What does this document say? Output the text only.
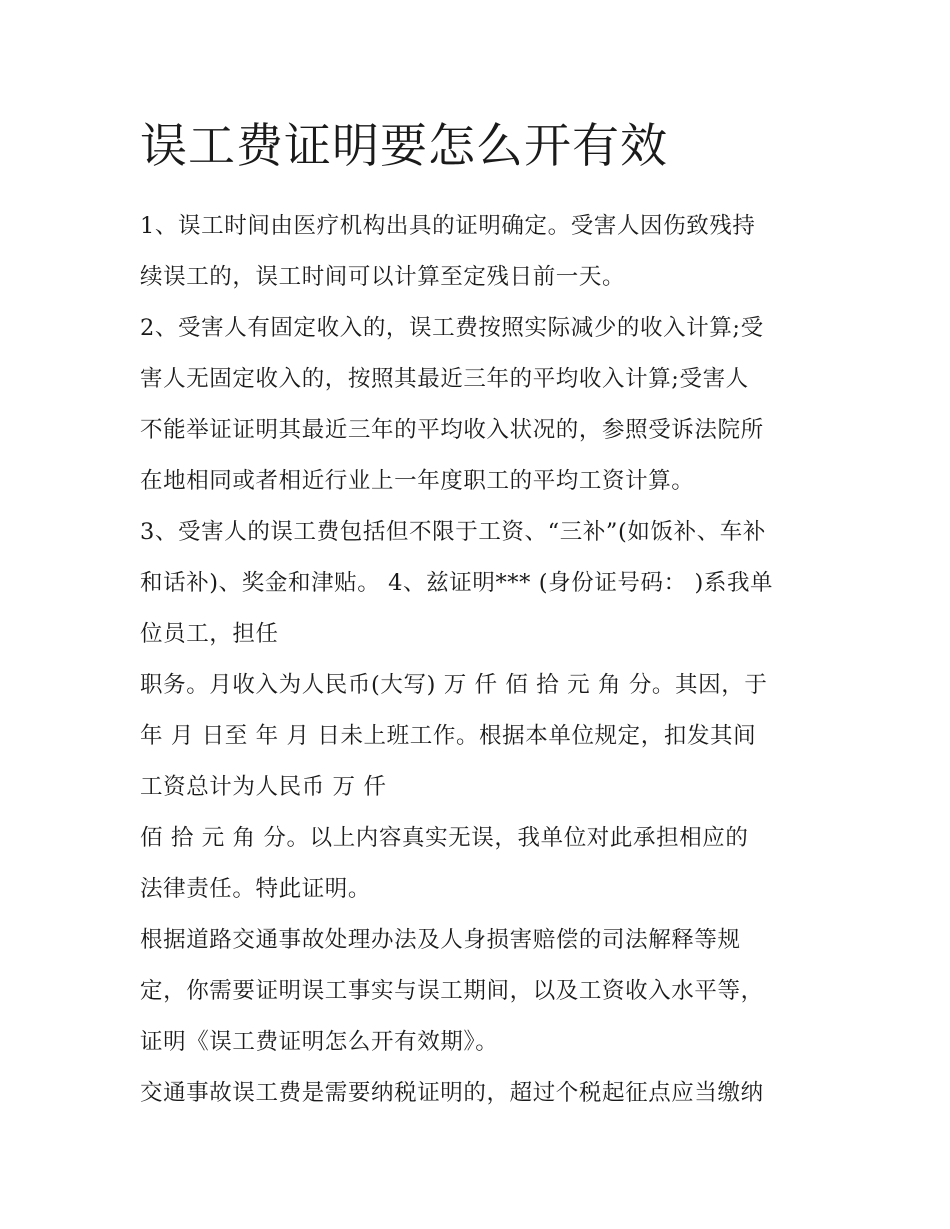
误工费证明要怎么开有效
1、误工时间由医疗机构出具的证明确定。受害人因伤致残持
续误工的，误工时间可以计算至定残日前一天。
2、受害人有固定收入的，误工费按照实际减少的收入计算;受
害人无固定收入的，按照其最近三年的平均收入计算;受害人
不能举证证明其最近三年的平均收入状况的，参照受诉法院所
在地相同或者相近行业上一年度职工的平均工资计算。
3、受害人的误工费包括但不限于工资、“三补”(如饭补、车补
和话补)、奖金和津贴。 4、兹证明*** (身份证号码： )系我单
位员工，担任
职务。月收入为人民币(大写) 万 仟 佰 拾 元 角 分。其因，于
年 月 日至 年 月 日未上班工作。根据本单位规定，扣发其间
工资总计为人民币 万 仟
佰 拾 元 角 分。以上内容真实无误，我单位对此承担相应的
法律责任。特此证明。
根据道路交通事故处理办法及人身损害赔偿的司法解释等规
定，你需要证明误工事实与误工期间，以及工资收入水平等，
证明《误工费证明怎么开有效期》。
交通事故误工费是需要纳税证明的，超过个税起征点应当缴纳
